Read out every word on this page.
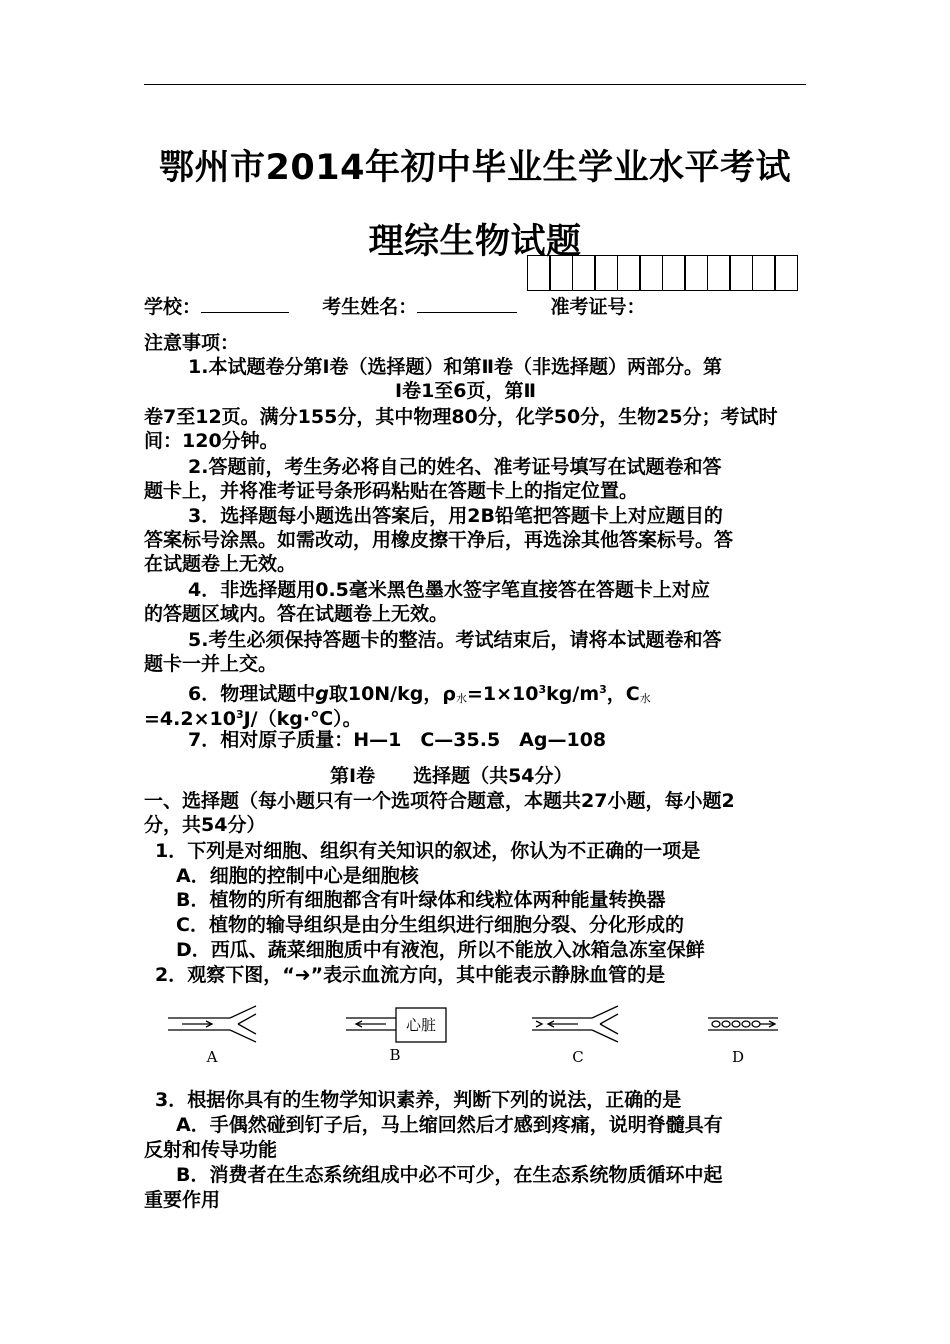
鄂州市2014年初中毕业生学业水平考试
理综生物试题
学校：	考生姓名：	准考证号：
注意事项：
1.本试题卷分第Ⅰ卷（选择题）和第Ⅱ卷（非选择题）两部分。第
Ⅰ卷1至6页，第Ⅱ
卷7至12页。满分155分，其中物理80分，化学50分，生物25分；考试时
间：120分钟。
2.答题前，考生务必将自己的姓名、准考证号填写在试题卷和答
题卡上，并将准考证号条形码粘贴在答题卡上的指定位置。
3．选择题每小题选出答案后，用2B铅笔把答题卡上对应题目的
答案标号涂黑。如需改动，用橡皮擦干净后，再选涂其他答案标号。答
在试题卷上无效。
4．非选择题用0.5毫米黑色墨水签字笔直接答在答题卡上对应
的答题区域内。答在试题卷上无效。
5.考生必须保持答题卡的整洁。考试结束后，请将本试题卷和答
题卡一并上交。
6．物理试题中g取10N/kg，ρ水$=1\times 10^3kg/m^3$，C水
$=4.2\times 10^3J/(kg\cdot℃)$。
7．相对原子质量：H—1　C—35.5　Ag—108
第Ⅰ卷　　选择题（共54分）
一、选择题（每小题只有一个选项符合题意，本题共27小题，每小题2
分，共54分）
1．下列是对细胞、组织有关知识的叙述，你认为不正确的一项是
A．细胞的控制中心是细胞核
B．植物的所有细胞都含有叶绿体和线粒体两种能量转换器
C．植物的输导组织是由分生组织进行细胞分裂、分化形成的
D．西瓜、蔬菜细胞质中有液泡，所以不能放入冰箱急冻室保鲜
2．观察下图，“➜”表示血流方向，其中能表示静脉血管的是
心脏
A	B	C	D
3．根据你具有的生物学知识素养，判断下列的说法，正确的是
A．手偶然碰到钉子后，马上缩回然后才感到疼痛，说明脊髓具有
反射和传导功能
B．消费者在生态系统组成中必不可少，在生态系统物质循环中起
重要作用
